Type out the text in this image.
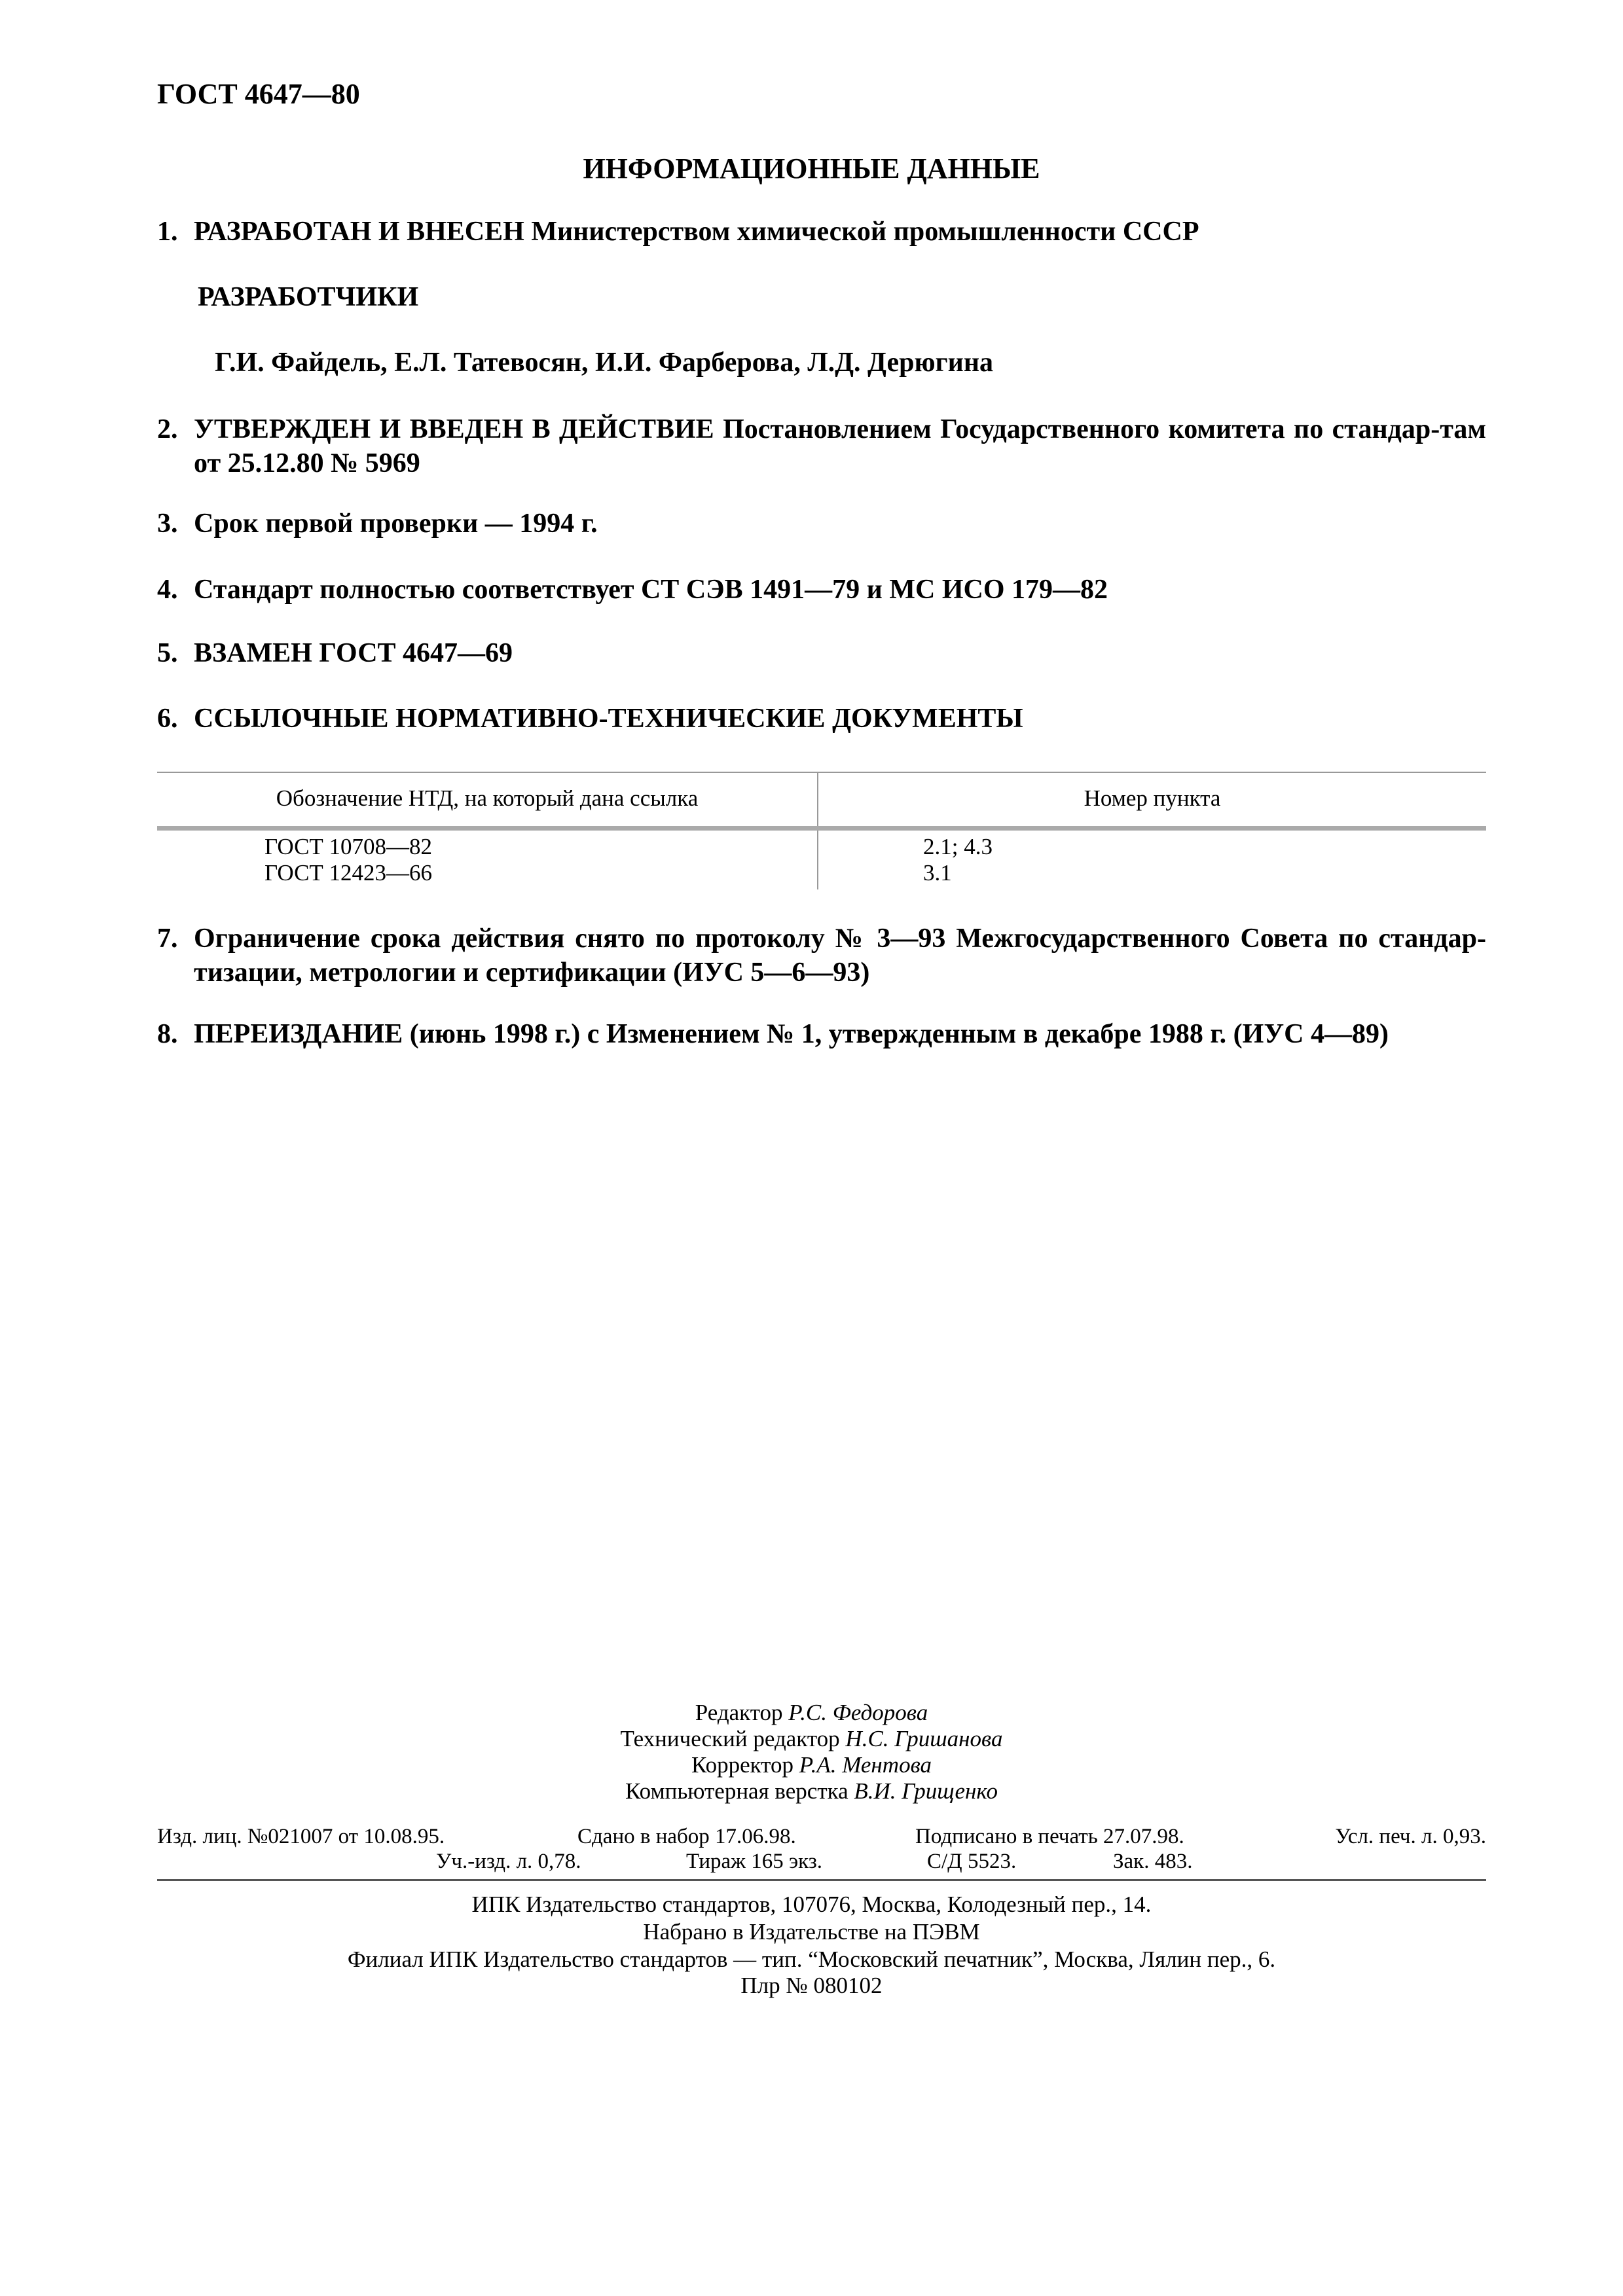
ГОСТ 4647—80
ИНФОРМАЦИОННЫЕ ДАННЫЕ
1. РАЗРАБОТАН И ВНЕСЕН Министерством химической промышленности СССР
РАЗРАБОТЧИКИ
Г.И. Файдель, Е.Л. Татевосян, И.И. Фарберова, Л.Д. Дерюгина
2. УТВЕРЖДЕН И ВВЕДЕН В ДЕЙСТВИЕ Постановлением Государственного комитета по стандар-там от 25.12.80 № 5969
3. Срок первой проверки — 1994 г.
4. Стандарт полностью соответствует СТ СЭВ 1491—79 и МС ИСО 179—82
5. ВЗАМЕН ГОСТ 4647—69
6. ССЫЛОЧНЫЕ НОРМАТИВНО-ТЕХНИЧЕСКИЕ ДОКУМЕНТЫ
Обозначение НТД, на который дана ссылка	Номер пункта
ГОСТ 10708—82	2.1; 4.3
ГОСТ 12423—66	3.1
7. Ограничение срока действия снято по протоколу № 3—93 Межгосударственного Совета по стандар-тизации, метрологии и сертификации (ИУС 5—6—93)
8. ПЕРЕИЗДАНИЕ (июнь 1998 г.) с Изменением № 1, утвержденным в декабре 1988 г. (ИУС 4—89)
Редактор Р.С. Федорова
Технический редактор Н.С. Гришанова
Корректор Р.А. Ментова
Компьютерная верстка В.И. Грищенко
Изд. лиц. №021007 от 10.08.95.	Сдано в набор 17.06.98.	Подписано в печать 27.07.98.	Усл. печ. л. 0,93.
Уч.-изд. л. 0,78.	Тираж 165 экз.	С/Д 5523.	Зак. 483.
ИПК Издательство стандартов, 107076, Москва, Колодезный пер., 14.
Набрано в Издательстве на ПЭВМ
Филиал ИПК Издательство стандартов — тип. “Московский печатник”, Москва, Лялин пер., 6.
Плр № 080102
